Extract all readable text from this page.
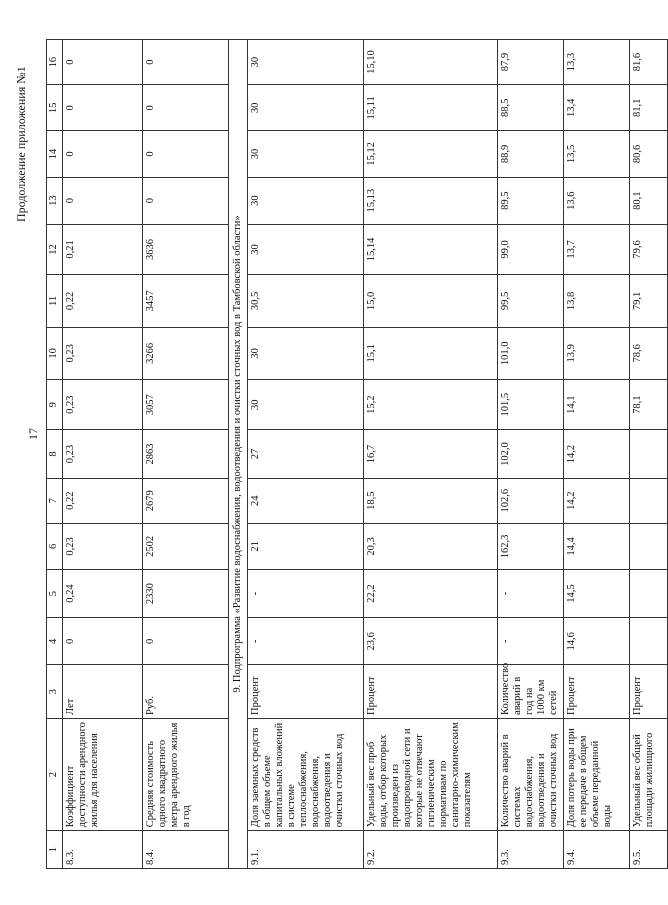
17
Продолжение приложения №1
1	2	3	4	5	6	7	8	9	10	11	12	13	14	15	16
8.3.	Коэффициент доступности арендного жилья для населения	Лет	0	0,24	0,23	0,22	0,23	0,23	0,23	0,22	0,21	0	0	0	0
8.4.	Средняя стоимость одного квадратного метра арендного жилья в год	Руб.	0	2330	2502	2679	2863	3057	3266	3457	3636	0	0	0	0
9. Подпрограмма «Развитие водоснабжения, водоотведения и очистки сточных вод в Тамбовской области»															
9.1.	Доля заемных средств в общем объеме капитальных вложений в системе теплоснабжения, водоснабжения, водоотведения и очистки сточных вод	Процент	-	-	21	24	27	30	30	30,5	30	30	30	30	30
9.2.	Удельный вес проб воды, отбор которых произведен из водопроводной сети и которые не отвечают гигиеническим нормативам по санитарно-химическим показателям	Процент	23,6	22,2	20,3	18,5	16,7	15,2	15,1	15,0	15,14	15,13	15,12	15,11	15,10
9.3.	Количество аварий в системах водоснабжения, водоотведения и очистки сточных вод	Количество аварий в год на 1000 км сетей	-	-	162,3	102,6	102,0	101,5	101,0	99,5	99,0	89,5	88,9	88,5	87,9
9.4.	Доля потерь воды при ее передаче в общем объеме переданной воды	Процент	14,6	14,5	14,4	14,2	14,2	14,1	13,9	13,8	13,7	13,6	13,5	13,4	13,3
9.5.	Удельный вес общей площади жилищного	Процент						78,1	78,6	79,1	79,6	80,1	80,6	81,1	81,6
